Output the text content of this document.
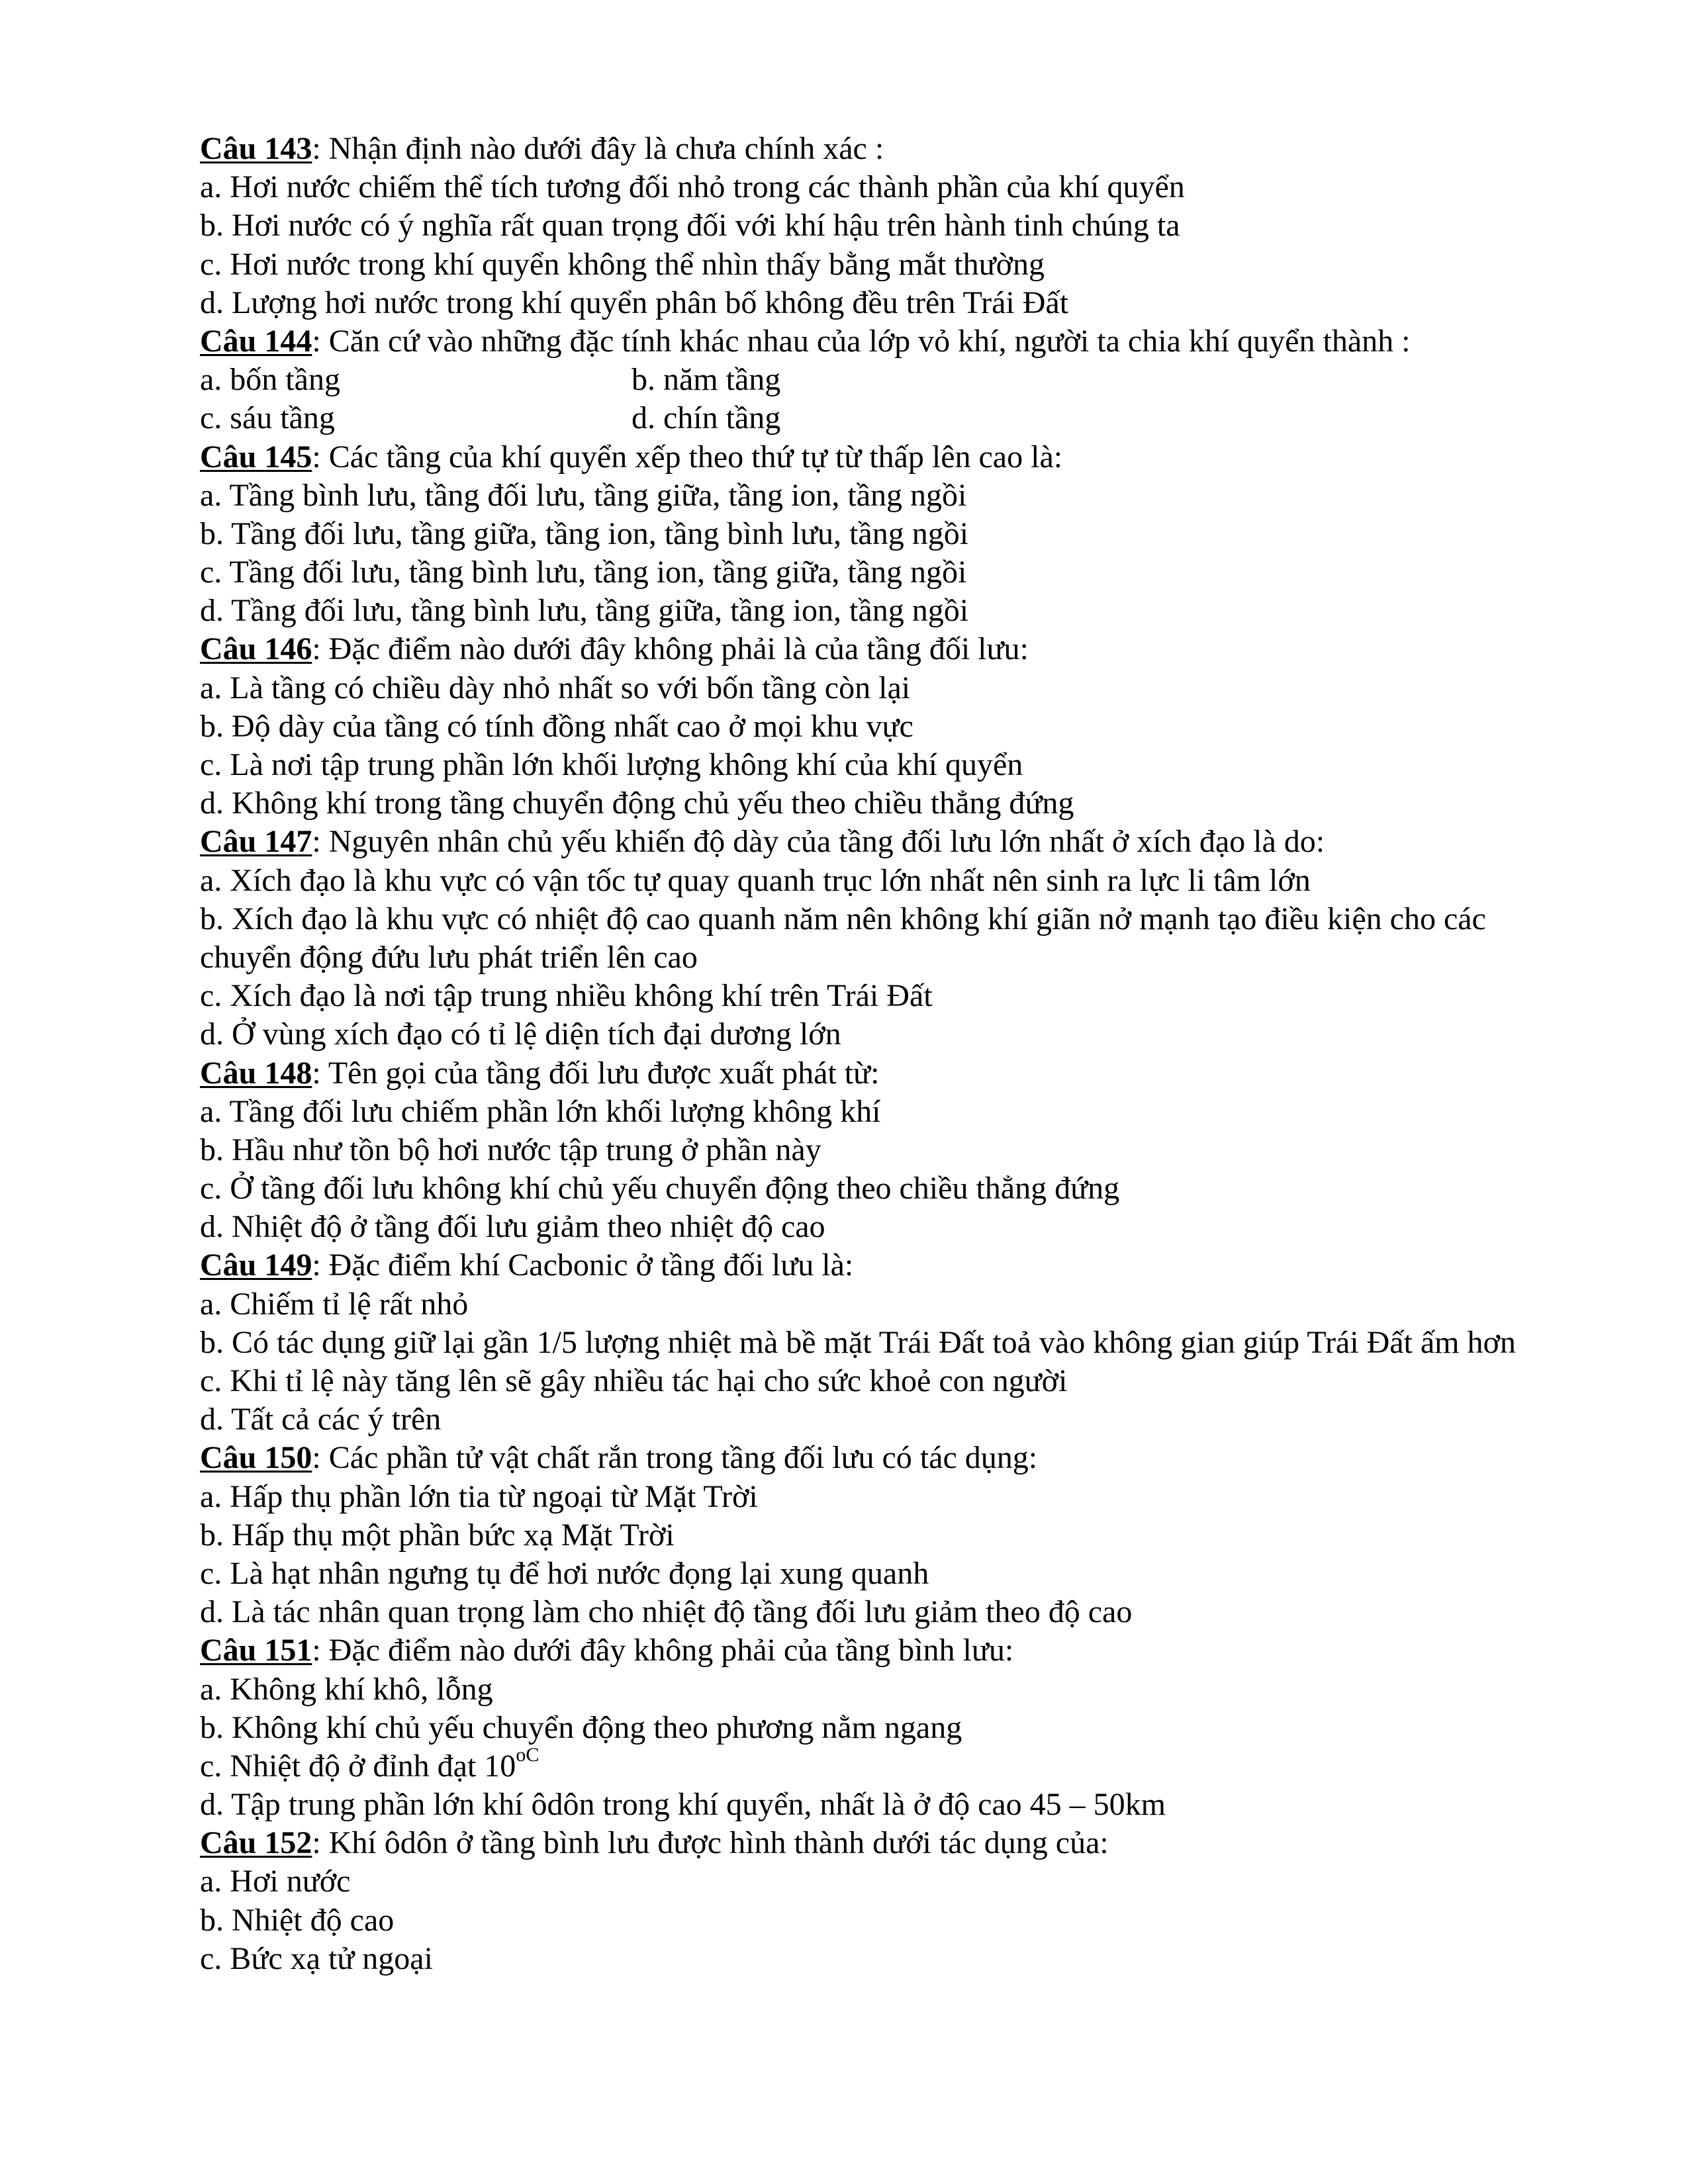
Câu 143: Nhận định nào dưới đây là chưa chính xác :
a. Hơi nước chiếm thể tích tương đối nhỏ trong các thành phần của khí quyển
b. Hơi nước có ý nghĩa rất quan trọng đối với khí hậu trên hành tinh chúng ta
c. Hơi nước trong khí quyển không thể nhìn thấy bằng mắt thường
d. Lượng hơi nước trong khí quyển phân bố không đều trên Trái Đất
Câu 144: Căn cứ vào những đặc tính khác nhau của lớp vỏ khí, người ta chia khí quyển thành :
a. bốn tầng	b. năm tầng
c. sáu tầng	d. chín tầng
Câu 145: Các tầng của khí quyển xếp theo thứ tự từ thấp lên cao là:
a. Tầng bình lưu, tầng đối lưu, tầng giữa, tầng ion, tầng ngồi
b. Tầng đối lưu, tầng giữa, tầng ion, tầng bình lưu, tầng ngồi
c. Tầng đối lưu, tầng bình lưu, tầng ion, tầng giữa, tầng ngồi
d. Tầng đối lưu, tầng bình lưu, tầng giữa, tầng ion, tầng ngồi
Câu 146: Đặc điểm nào dưới đây không phải là của tầng đối lưu:
a. Là tầng có chiều dày nhỏ nhất so với bốn tầng còn lại
b. Độ dày của tầng có tính đồng nhất cao ở mọi khu vực
c. Là nơi tập trung phần lớn khối lượng không khí của khí quyển
d. Không khí trong tầng chuyển động chủ yếu theo chiều thẳng đứng
Câu 147: Nguyên nhân chủ yếu khiến độ dày của tầng đối lưu lớn nhất ở xích đạo là do:
a. Xích đạo là khu vực có vận tốc tự quay quanh trục lớn nhất nên sinh ra lực li tâm lớn
b. Xích đạo là khu vực có nhiệt độ cao quanh năm nên không khí giãn nở mạnh tạo điều kiện cho các chuyển động đứu lưu phát triển lên cao
c. Xích đạo là nơi tập trung nhiều không khí trên Trái Đất
d. Ở vùng xích đạo có tỉ lệ diện tích đại dương lớn
Câu 148: Tên gọi của tầng đối lưu được xuất phát từ:
a. Tầng đối lưu chiếm phần lớn khối lượng không khí
b. Hầu như tồn bộ hơi nước tập trung ở phần này
c. Ở tầng đối lưu không khí chủ yếu chuyển động theo chiều thẳng đứng
d. Nhiệt độ ở tầng đối lưu giảm theo nhiệt độ cao
Câu 149: Đặc điểm khí Cacbonic ở tầng đối lưu là:
a. Chiếm tỉ lệ rất nhỏ
b. Có tác dụng giữ lại gần 1/5 lượng nhiệt mà bề mặt Trái Đất toả vào không gian giúp Trái Đất ấm hơn
c. Khi tỉ lệ này tăng lên sẽ gây nhiều tác hại cho sức khoẻ con người
d. Tất cả các ý trên
Câu 150: Các phần tử vật chất rắn trong tầng đối lưu có tác dụng:
a. Hấp thụ phần lớn tia từ ngoại từ Mặt Trời
b. Hấp thụ một phần bức xạ Mặt Trời
c. Là hạt nhân ngưng tụ để hơi nước đọng lại xung quanh
d. Là tác nhân quan trọng làm cho nhiệt độ tầng đối lưu giảm theo độ cao
Câu 151: Đặc điểm nào dưới đây không phải của tầng bình lưu:
a. Không khí khô, lỗng
b. Không khí chủ yếu chuyển động theo phương nằm ngang
c. Nhiệt độ ở đỉnh đạt $10^{oC}$
d. Tập trung phần lớn khí ôdôn trong khí quyển, nhất là ở độ cao 45 – 50km
Câu 152: Khí ôdôn ở tầng bình lưu được hình thành dưới tác dụng của:
a. Hơi nước
b. Nhiệt độ cao
c. Bức xạ tử ngoại
